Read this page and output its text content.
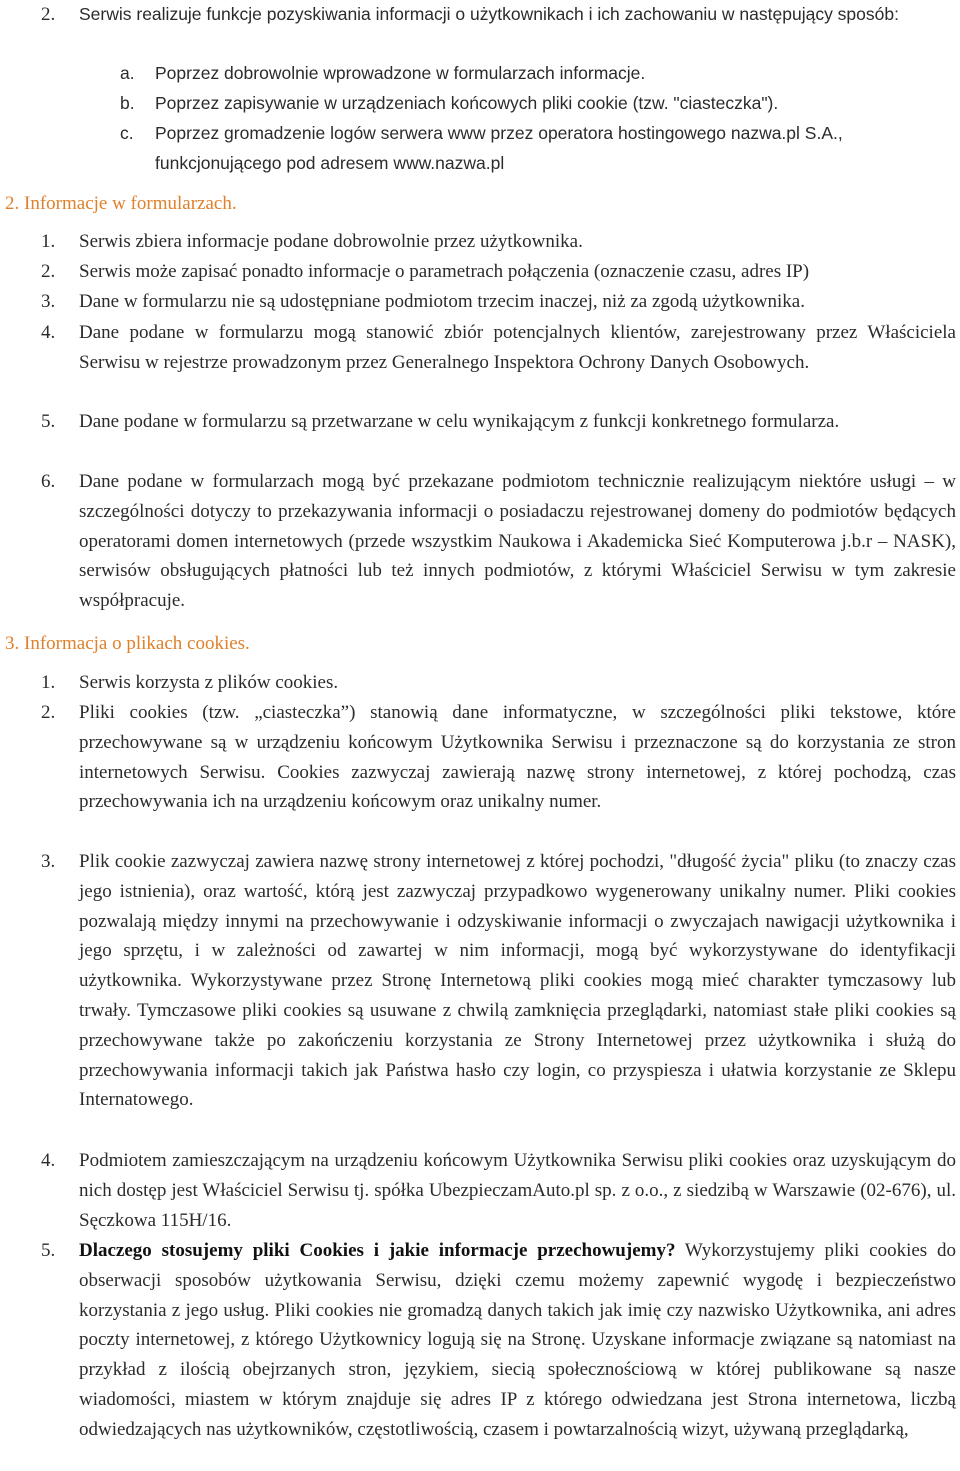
2. Serwis realizuje funkcje pozyskiwania informacji o użytkownikach i ich zachowaniu w następujący sposób:
a. Poprzez dobrowolnie wprowadzone w formularzach informacje.
b. Poprzez zapisywanie w urządzeniach końcowych pliki cookie (tzw. "ciasteczka").
c. Poprzez gromadzenie logów serwera www przez operatora hostingowego nazwa.pl S.A., funkcjonującego pod adresem www.nazwa.pl
2. Informacje w formularzach.
1. Serwis zbiera informacje podane dobrowolnie przez użytkownika.
2. Serwis może zapisać ponadto informacje o parametrach połączenia (oznaczenie czasu, adres IP)
3. Dane w formularzu nie są udostępniane podmiotom trzecim inaczej, niż za zgodą użytkownika.
4. Dane podane w formularzu mogą stanowić zbiór potencjalnych klientów, zarejestrowany przez Właściciela Serwisu w rejestrze prowadzonym przez Generalnego Inspektora Ochrony Danych Osobowych.
5. Dane podane w formularzu są przetwarzane w celu wynikającym z funkcji konkretnego formularza.
6. Dane podane w formularzach mogą być przekazane podmiotom technicznie realizującym niektóre usługi – w szczególności dotyczy to przekazywania informacji o posiadaczu rejestrowanej domeny do podmiotów będących operatorami domen internetowych (przede wszystkim Naukowa i Akademicka Sieć Komputerowa j.b.r – NASK), serwisów obsługujących płatności lub też innych podmiotów, z którymi Właściciel Serwisu w tym zakresie współpracuje.
3. Informacja o plikach cookies.
1. Serwis korzysta z plików cookies.
2. Pliki cookies (tzw. „ciasteczka”) stanowią dane informatyczne, w szczególności pliki tekstowe, które przechowywane są w urządzeniu końcowym Użytkownika Serwisu i przeznaczone są do korzystania ze stron internetowych Serwisu. Cookies zazwyczaj zawierają nazwę strony internetowej, z której pochodzą, czas przechowywania ich na urządzeniu końcowym oraz unikalny numer.
3. Plik cookie zazwyczaj zawiera nazwę strony internetowej z której pochodzi, "długość życia" pliku (to znaczy czas jego istnienia), oraz wartość, którą jest zazwyczaj przypadkowo wygenerowany unikalny numer. Pliki cookies pozwalają między innymi na przechowywanie i odzyskiwanie informacji o zwyczajach nawigacji użytkownika i jego sprzętu, i w zależności od zawartej w nim informacji, mogą być wykorzystywane do identyfikacji użytkownika. Wykorzystywane przez Stronę Internetową pliki cookies mogą mieć charakter tymczasowy lub trwały. Tymczasowe pliki cookies są usuwane z chwilą zamknięcia przeglądarki, natomiast stałe pliki cookies są przechowywane także po zakończeniu korzystania ze Strony Internetowej przez użytkownika i służą do przechowywania informacji takich jak Państwa hasło czy login, co przyspiesza i ułatwia korzystanie ze Sklepu Internatowego.
4. Podmiotem zamieszczającym na urządzeniu końcowym Użytkownika Serwisu pliki cookies oraz uzyskującym do nich dostęp jest Właściciel Serwisu tj. spółka UbezpieczamAuto.pl sp. z o.o., z siedzibą w Warszawie (02-676), ul. Sęczkowa 115H/16.
5. Dlaczego stosujemy pliki Cookies i jakie informacje przechowujemy? Wykorzystujemy pliki cookies do obserwacji sposobów użytkowania Serwisu, dzięki czemu możemy zapewnić wygodę i bezpieczeństwo korzystania z jego usług. Pliki cookies nie gromadzą danych takich jak imię czy nazwisko Użytkownika, ani adres poczty internetowej, z którego Użytkownicy logują się na Stronę. Uzyskane informacje związane są natomiast na przykład z ilością obejrzanych stron, językiem, siecią społecznościową w której publikowane są nasze wiadomości, miastem w którym znajduje się adres IP z którego odwiedzana jest Strona internetowa, liczbą odwiedzających nas użytkowników, częstotliwością, czasem i powtarzalnością wizyt, używaną przeglądarką,
